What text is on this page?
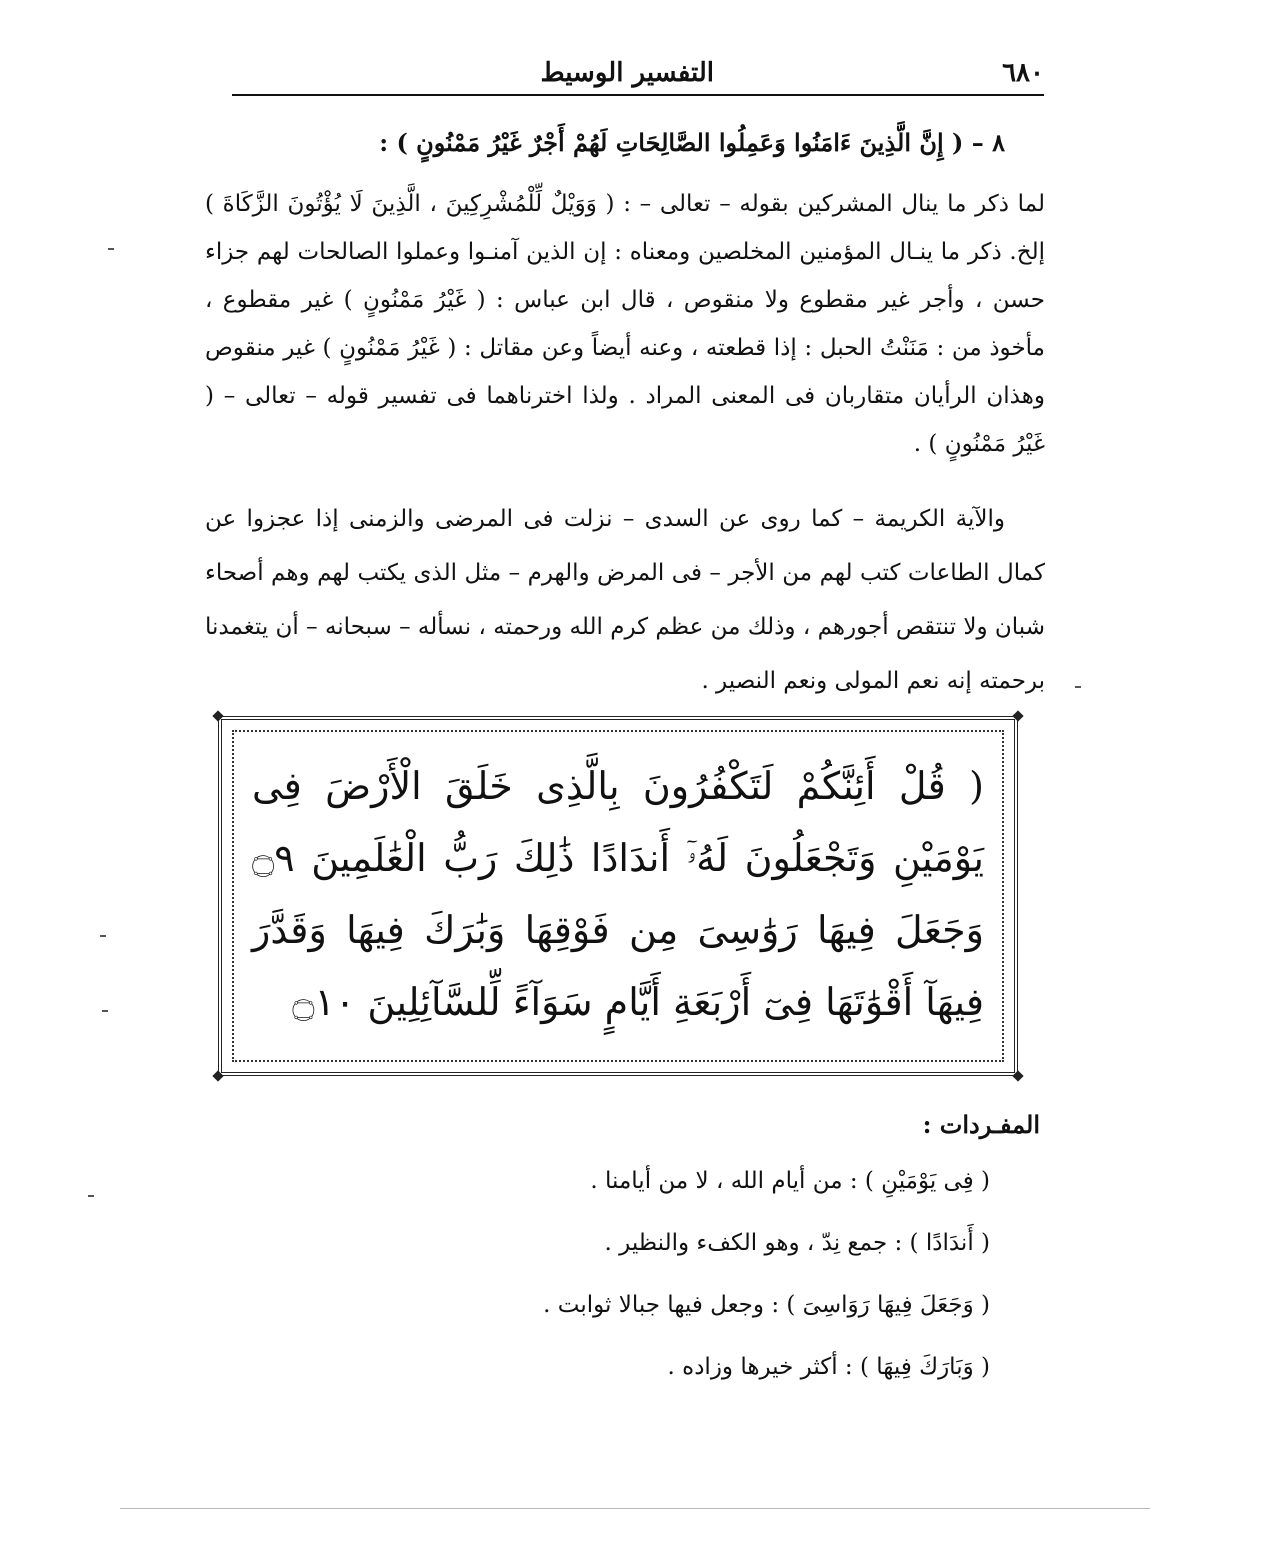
٦٨٠
التفسير الوسيط
٨ – ( إِنَّ الَّذِينَ ءَامَنُوا وَعَمِلُوا الصَّالِحَاتِ لَهُمْ أَجْرٌ غَيْرُ مَمْنُونٍ ) :

لما ذكر ما ينال المشركين بقوله – تعالى – : ( وَوَيْلٌ لِّلْمُشْرِكِينَ ، الَّذِينَ لَا يُؤْتُونَ الزَّكَاةَ ) إلخ. ذكر ما ينـال المؤمنين المخلصين ومعناه : إن الذين آمنـوا وعملوا الصالحات لهم جزاء حسن ، وأجر غير مقطوع ولا منقوص ، قال ابن عباس : ( غَيْرُ مَمْنُونٍ ) غير مقطوع ، مأخوذ من : مَنَنْتُ الحبل : إذا قطعته ، وعنه أيضاً وعن مقاتل : ( غَيْرُ مَمْنُونٍ ) غير منقوص وهذان الرأيان متقاربان فى المعنى المراد . ولذا اخترناهما فى تفسير قوله – تعالى – ( غَيْرُ مَمْنُونٍ ) .

والآية الكريمة – كما روى عن السدى – نزلت فى المرضى والزمنى إذا عجزوا عن كمال الطاعات كتب لهم من الأجر – فى المرض والهرم – مثل الذى يكتب لهم وهم أصحاء شبان ولا تنتقص أجورهم ، وذلك من عظم كرم الله ورحمته ، نسأله – سبحانه – أن يتغمدنا برحمته إنه نعم المولى ونعم النصير .

( قُلْ أَئِنَّكُمْ لَتَكْفُرُونَ بِالَّذِى خَلَقَ الْأَرْضَ فِى يَوْمَيْنِ وَتَجْعَلُونَ لَهُۥٓ أَندَادًا ذَٰلِكَ رَبُّ الْعَٰلَمِينَ ۝٩ وَجَعَلَ فِيهَا رَوَٰسِىَ مِن فَوْقِهَا وَبَٰرَكَ فِيهَا وَقَدَّرَ فِيهَآ أَقْوَٰتَهَا فِىٓ أَرْبَعَةِ أَيَّامٍ سَوَآءً لِّلسَّآئِلِينَ ۝١٠
المفـردات :
( فِى يَوْمَيْنِ ) : من أيام الله ، لا من أيامنا .
( أَندَادًا ) : جمع نِدّ ، وهو الكفء والنظير .
( وَجَعَلَ فِيهَا رَوَاسِىَ ) : وجعل فيها جبالا ثوابت .
( وَبَارَكَ فِيهَا ) : أكثر خيرها وزاده .
